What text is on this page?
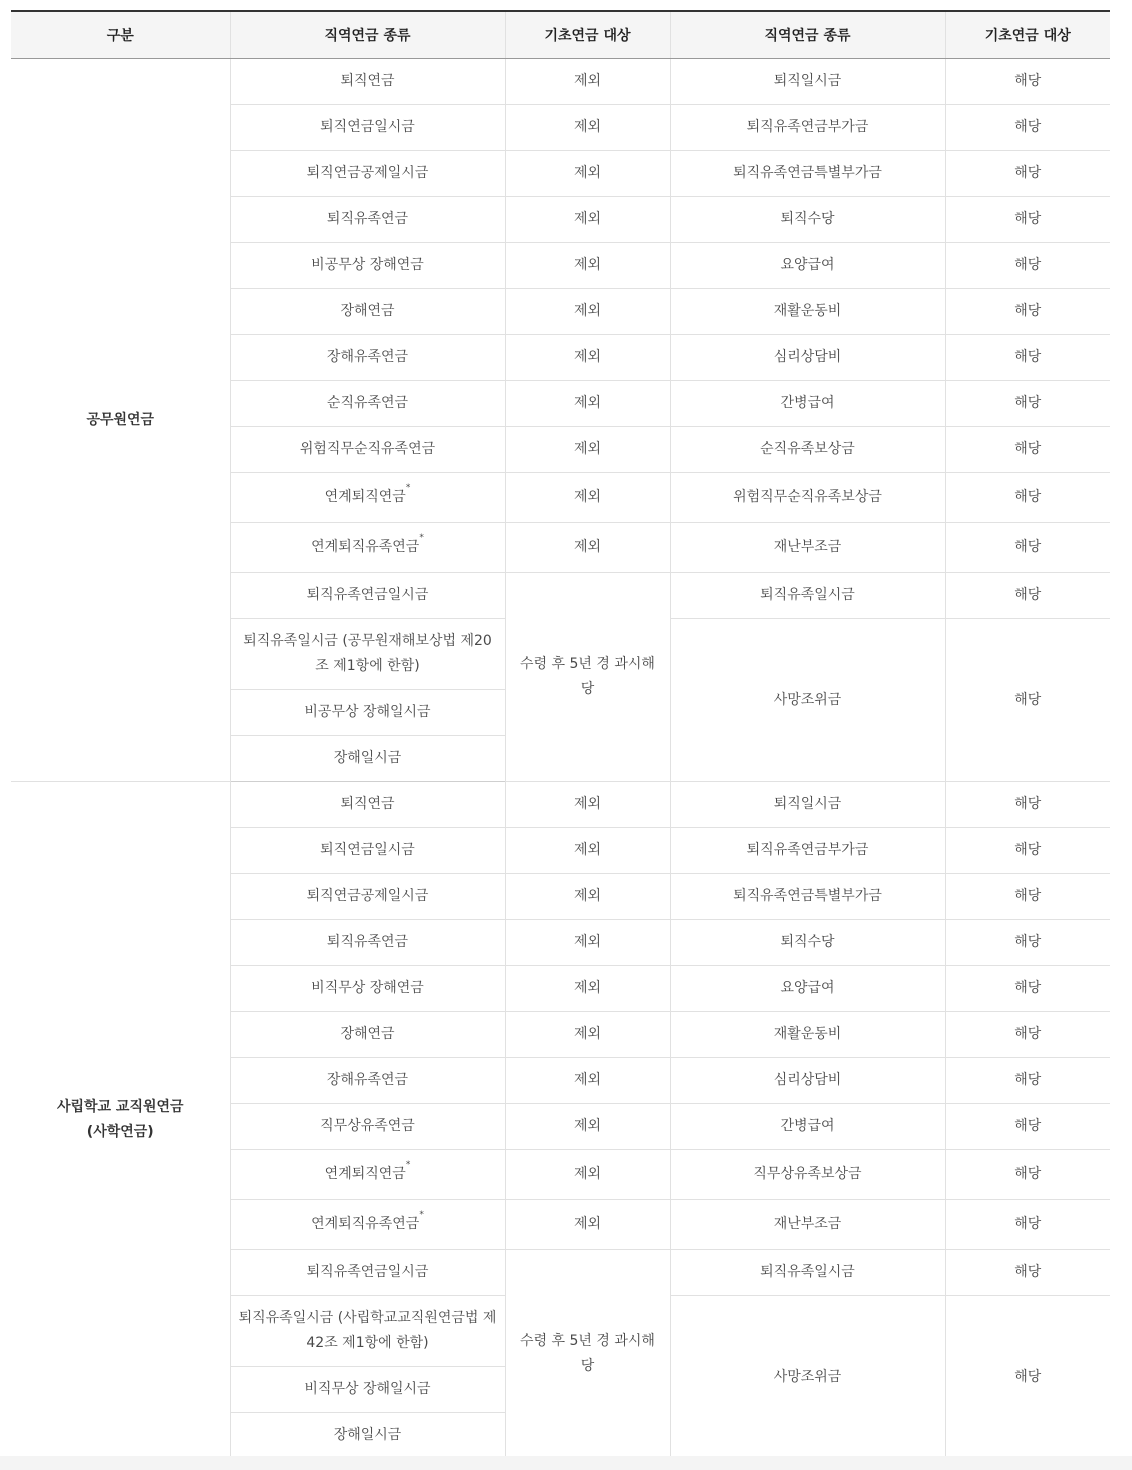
구분	직역연금 종류	기초연금 대상	직역연금 종류	기초연금 대상

공무원연금	퇴직연금	제외	퇴직일시금	해당
	퇴직연금일시금	제외	퇴직유족연금부가금	해당
	퇴직연금공제일시금	제외	퇴직유족연금특별부가금	해당
	퇴직유족연금	제외	퇴직수당	해당
	비공무상 장해연금	제외	요양급여	해당
	장해연금	제외	재활운동비	해당
	장해유족연금	제외	심리상담비	해당
	순직유족연금	제외	간병급여	해당
	위험직무순직유족연금	제외	순직유족보상금	해당
	연계퇴직연금*	제외	위험직무순직유족보상금	해당
	연계퇴직유족연금*	제외	재난부조금	해당
	퇴직유족연금일시금	수령 후 5년 경 과시해당	퇴직유족일시금	해당
	퇴직유족일시금 (공무원재해보상법 제20조 제1항에 한함)		사망조위금	해당
	비공무상 장해일시금			
	장해일시금			

사립학교 교직원연금
(사학연금)	퇴직연금	제외	퇴직일시금	해당
	퇴직연금일시금	제외	퇴직유족연금부가금	해당
	퇴직연금공제일시금	제외	퇴직유족연금특별부가금	해당
	퇴직유족연금	제외	퇴직수당	해당
	비직무상 장해연금	제외	요양급여	해당
	장해연금	제외	재활운동비	해당
	장해유족연금	제외	심리상담비	해당
	직무상유족연금	제외	간병급여	해당
	연계퇴직연금*	제외	직무상유족보상금	해당
	연계퇴직유족연금*	제외	재난부조금	해당
	퇴직유족연금일시금	수령 후 5년 경 과시해당	퇴직유족일시금	해당
	퇴직유족일시금 (사립학교교직원연금법 제42조 제1항에 한함)		사망조위금	해당
	비직무상 장해일시금			
	장해일시금			
